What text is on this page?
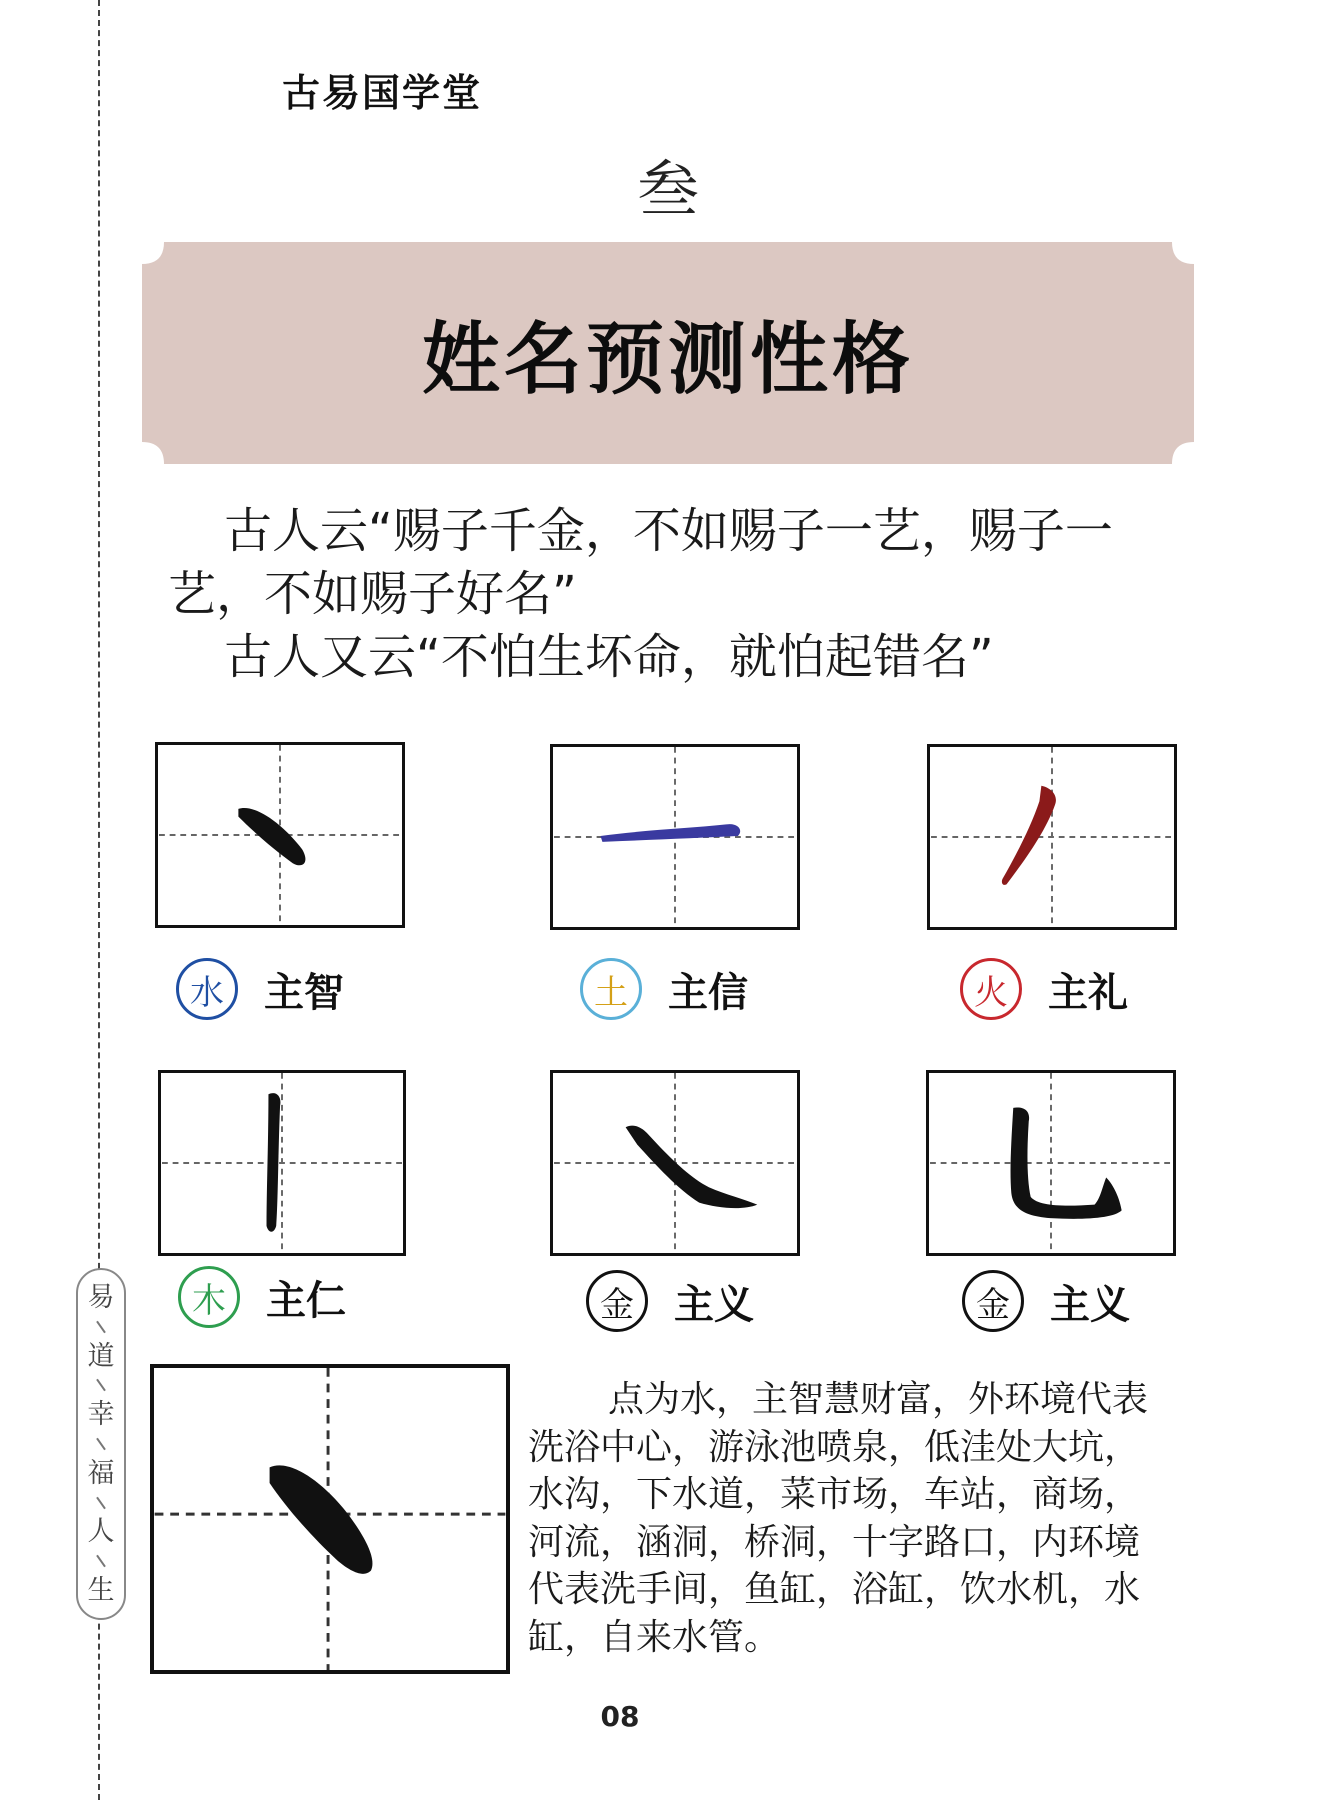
易
道
幸
福
人
生
古易国学堂
叁
姓名预测性格

古人云“赐子千金，不如赐子一艺，赐子一艺，不如赐子好名”

古人又云“不怕生坏命，就怕起错名”

水	主智	土	主信	火	主礼
木	主仁	金	主义	金	主义

点为水，主智慧财富，外环境代表洗浴中心，游泳池喷泉，低洼处大坑，水沟，下水道，菜市场，车站，商场，河流，涵洞，桥洞，十字路口，内环境代表洗手间，鱼缸，浴缸，饮水机，水缸，自来水管。

08
